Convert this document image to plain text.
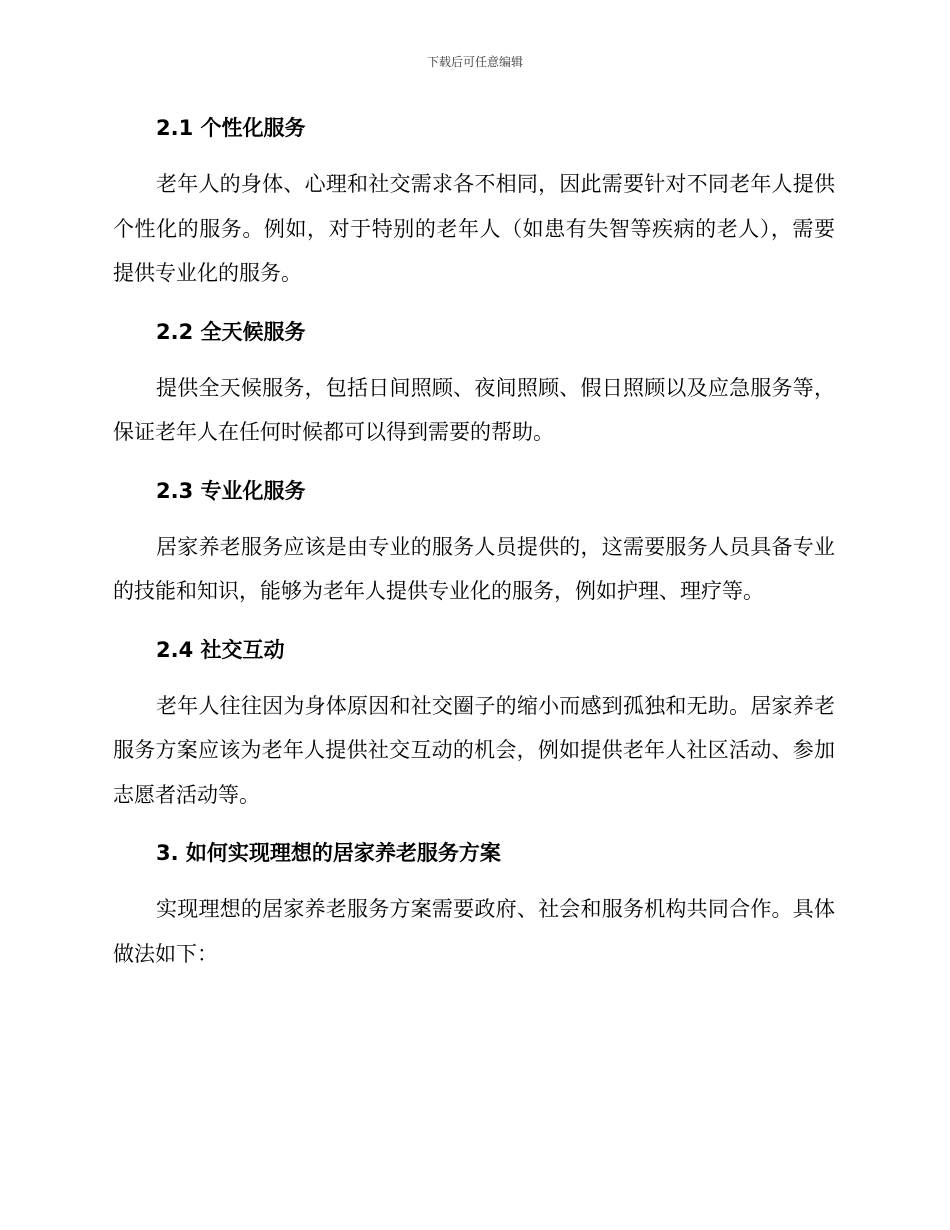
下载后可任意编辑
2.1 个性化服务

老年人的身体、心理和社交需求各不相同，因此需要针对不同老年人提供个性化的服务。例如，对于特别的老年人（如患有失智等疾病的老人），需要提供专业化的服务。

2.2 全天候服务

提供全天候服务，包括日间照顾、夜间照顾、假日照顾以及应急服务等，保证老年人在任何时候都可以得到需要的帮助。

2.3 专业化服务

居家养老服务应该是由专业的服务人员提供的，这需要服务人员具备专业的技能和知识，能够为老年人提供专业化的服务，例如护理、理疗等。

2.4 社交互动

老年人往往因为身体原因和社交圈子的缩小而感到孤独和无助。居家养老服务方案应该为老年人提供社交互动的机会，例如提供老年人社区活动、参加志愿者活动等。

3. 如何实现理想的居家养老服务方案

实现理想的居家养老服务方案需要政府、社会和服务机构共同合作。具体做法如下：
